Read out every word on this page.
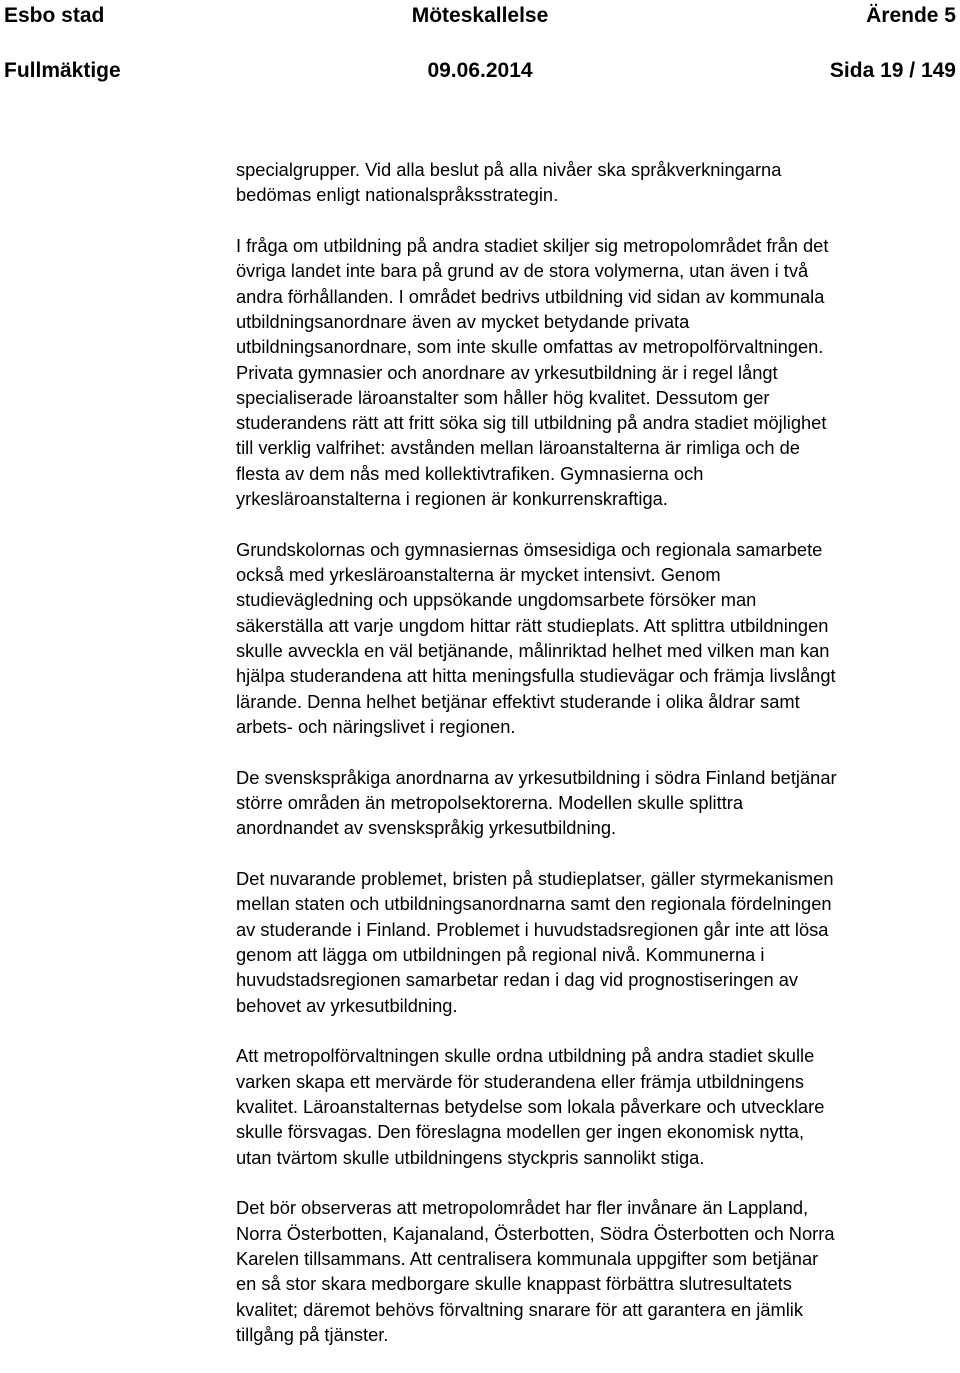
Esbo stad	Möteskallelse	Ärende 5
Fullmäktige	09.06.2014	Sida 19 / 149
specialgrupper. Vid alla beslut på alla nivåer ska språkverkningarna
bedömas enligt nationalspråksstrategin.
I fråga om utbildning på andra stadiet skiljer sig metropolområdet från det
övriga landet inte bara på grund av de stora volymerna, utan även i två
andra förhållanden. I området bedrivs utbildning vid sidan av kommunala
utbildningsanordnare även av mycket betydande privata
utbildningsanordnare, som inte skulle omfattas av metropolförvaltningen.
Privata gymnasier och anordnare av yrkesutbildning är i regel långt
specialiserade läroanstalter som håller hög kvalitet. Dessutom ger
studerandens rätt att fritt söka sig till utbildning på andra stadiet möjlighet
till verklig valfrihet: avstånden mellan läroanstalterna är rimliga och de
flesta av dem nås med kollektivtrafiken. Gymnasierna och
yrkesläroanstalterna i regionen är konkurrenskraftiga.
Grundskolornas och gymnasiernas ömsesidiga och regionala samarbete
också med yrkesläroanstalterna är mycket intensivt. Genom
studievägledning och uppsökande ungdomsarbete försöker man
säkerställa att varje ungdom hittar rätt studieplats. Att splittra utbildningen
skulle avveckla en väl betjänande, målinriktad helhet med vilken man kan
hjälpa studerandena att hitta meningsfulla studievägar och främja livslångt
lärande. Denna helhet betjänar effektivt studerande i olika åldrar samt
arbets- och näringslivet i regionen.
De svenskspråkiga anordnarna av yrkesutbildning i södra Finland betjänar
större områden än metropolsektorerna. Modellen skulle splittra
anordnandet av svenskspråkig yrkesutbildning.
Det nuvarande problemet, bristen på studieplatser, gäller styrmekanismen
mellan staten och utbildningsanordnarna samt den regionala fördelningen
av studerande i Finland. Problemet i huvudstadsregionen går inte att lösa
genom att lägga om utbildningen på regional nivå. Kommunerna i
huvudstadsregionen samarbetar redan i dag vid prognostiseringen av
behovet av yrkesutbildning.
Att metropolförvaltningen skulle ordna utbildning på andra stadiet skulle
varken skapa ett mervärde för studerandena eller främja utbildningens
kvalitet. Läroanstalternas betydelse som lokala påverkare och utvecklare
skulle försvagas. Den föreslagna modellen ger ingen ekonomisk nytta,
utan tvärtom skulle utbildningens styckpris sannolikt stiga.
Det bör observeras att metropolområdet har fler invånare än Lappland,
Norra Österbotten, Kajanaland, Österbotten, Södra Österbotten och Norra
Karelen tillsammans. Att centralisera kommunala uppgifter som betjänar
en så stor skara medborgare skulle knappast förbättra slutresultatets
kvalitet; däremot behövs förvaltning snarare för att garantera en jämlik
tillgång på tjänster.
